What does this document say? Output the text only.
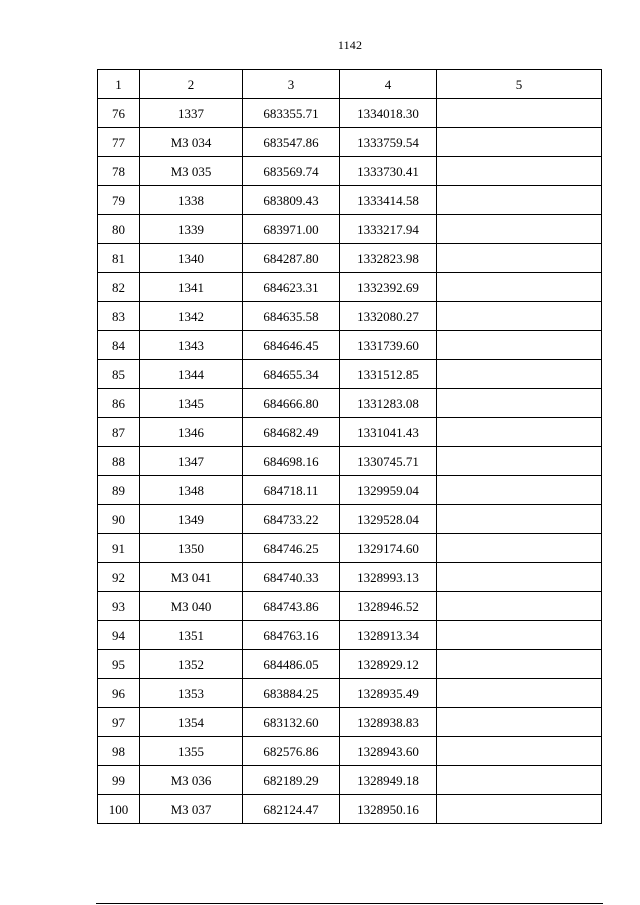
1142
1	2	3	4	5
76	1337	683355.71	1334018.30	
77	МЗ 034	683547.86	1333759.54	
78	МЗ 035	683569.74	1333730.41	
79	1338	683809.43	1333414.58	
80	1339	683971.00	1333217.94	
81	1340	684287.80	1332823.98	
82	1341	684623.31	1332392.69	
83	1342	684635.58	1332080.27	
84	1343	684646.45	1331739.60	
85	1344	684655.34	1331512.85	
86	1345	684666.80	1331283.08	
87	1346	684682.49	1331041.43	
88	1347	684698.16	1330745.71	
89	1348	684718.11	1329959.04	
90	1349	684733.22	1329528.04	
91	1350	684746.25	1329174.60	
92	МЗ 041	684740.33	1328993.13	
93	МЗ 040	684743.86	1328946.52	
94	1351	684763.16	1328913.34	
95	1352	684486.05	1328929.12	
96	1353	683884.25	1328935.49	
97	1354	683132.60	1328938.83	
98	1355	682576.86	1328943.60	
99	МЗ 036	682189.29	1328949.18	
100	МЗ 037	682124.47	1328950.16	
